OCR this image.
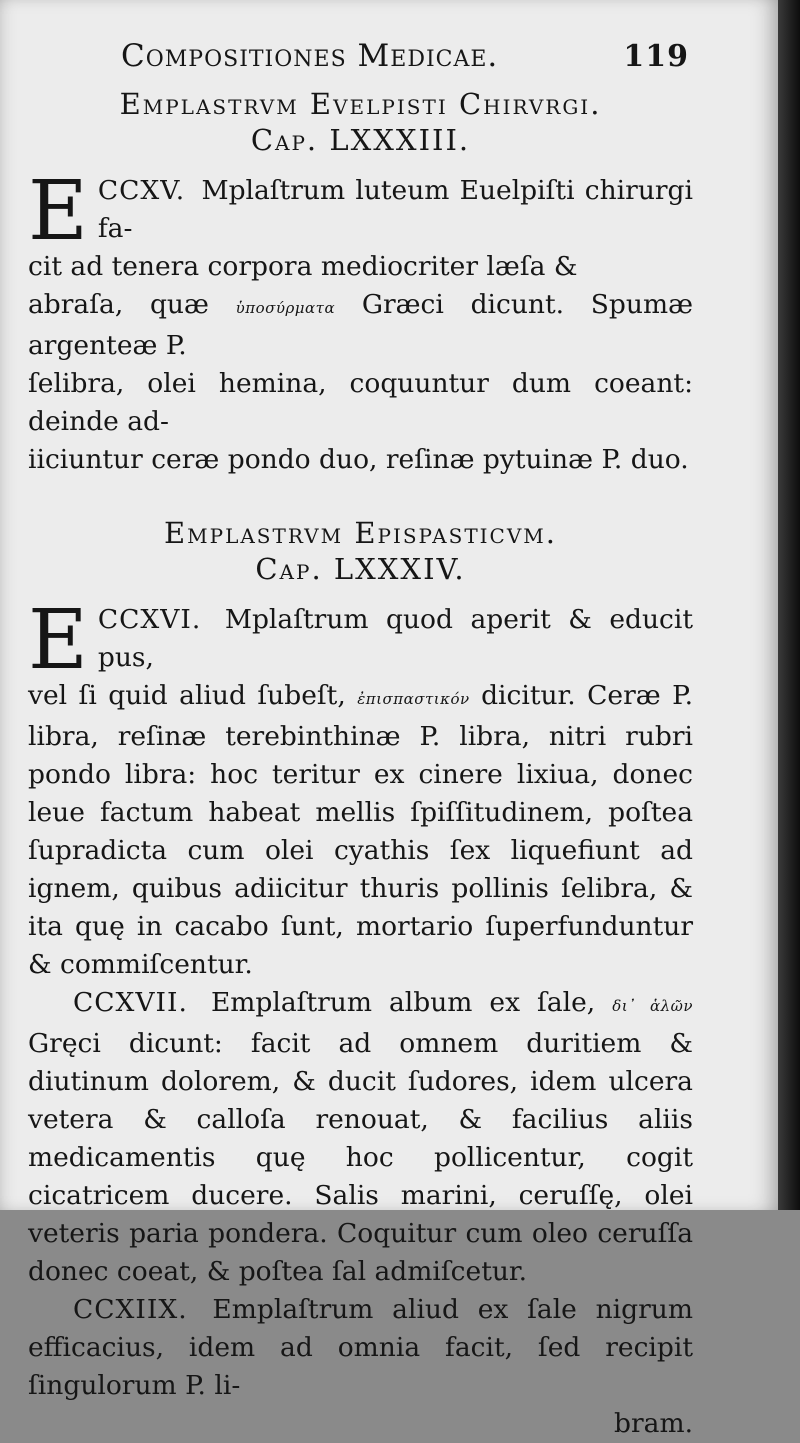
Compositiones Medicae.	119
Emplastrvm Evelpisti Chirvrgi.
Cap. LXXXIII.
CCXV.
E	Mplaſtrum luteum Euelpiſti chirurgi fa-
cit ad tenera corpora mediocriter læſa &
abraſa, quæ ὑποσύρματα Græci dicunt. Spumæ argenteæ P.
ſelibra, olei hemina, coquuntur dum coeant: deinde ad-
iiciuntur ceræ pondo duo, reſinæ pytuinæ P. duo.
Emplastrvm Epispasticvm.
Cap. LXXXIV.
CCXVI.
E	Mplaſtrum quod aperit & educit pus,
vel ſi quid aliud ſubeſt, ἐπισπαστικόν dicitur. Ceræ P. libra, reſinæ terebinthinæ P. libra, nitri rubri pondo libra: hoc teritur ex cinere lixiua, donec leue factum habeat mellis ſpiſſitudinem, poſtea ſupradicta cum olei cyathis ſex liquefiunt ad ignem, quibus adiicitur thuris pollinis ſelibra, & ita quę in cacabo ſunt, mortario ſuperfunduntur & commiſcentur.

CCXVII. Emplaſtrum album ex ſale, δι᾽ ἁλῶν Gręci dicunt: facit ad omnem duritiem & diutinum dolorem, & ducit ſudores, idem ulcera vetera & calloſa renouat, & facilius aliis medicamentis quę hoc pollicentur, cogit cicatricem ducere. Salis marini, ceruſſę, olei veteris paria pondera. Coquitur cum oleo ceruſſa donec coeat, & poſtea ſal admiſcetur.

CCXIIX. Emplaſtrum aliud ex ſale nigrum efficacius, idem ad omnia facit, ſed recipit ſingulorum P. li-

bram.
